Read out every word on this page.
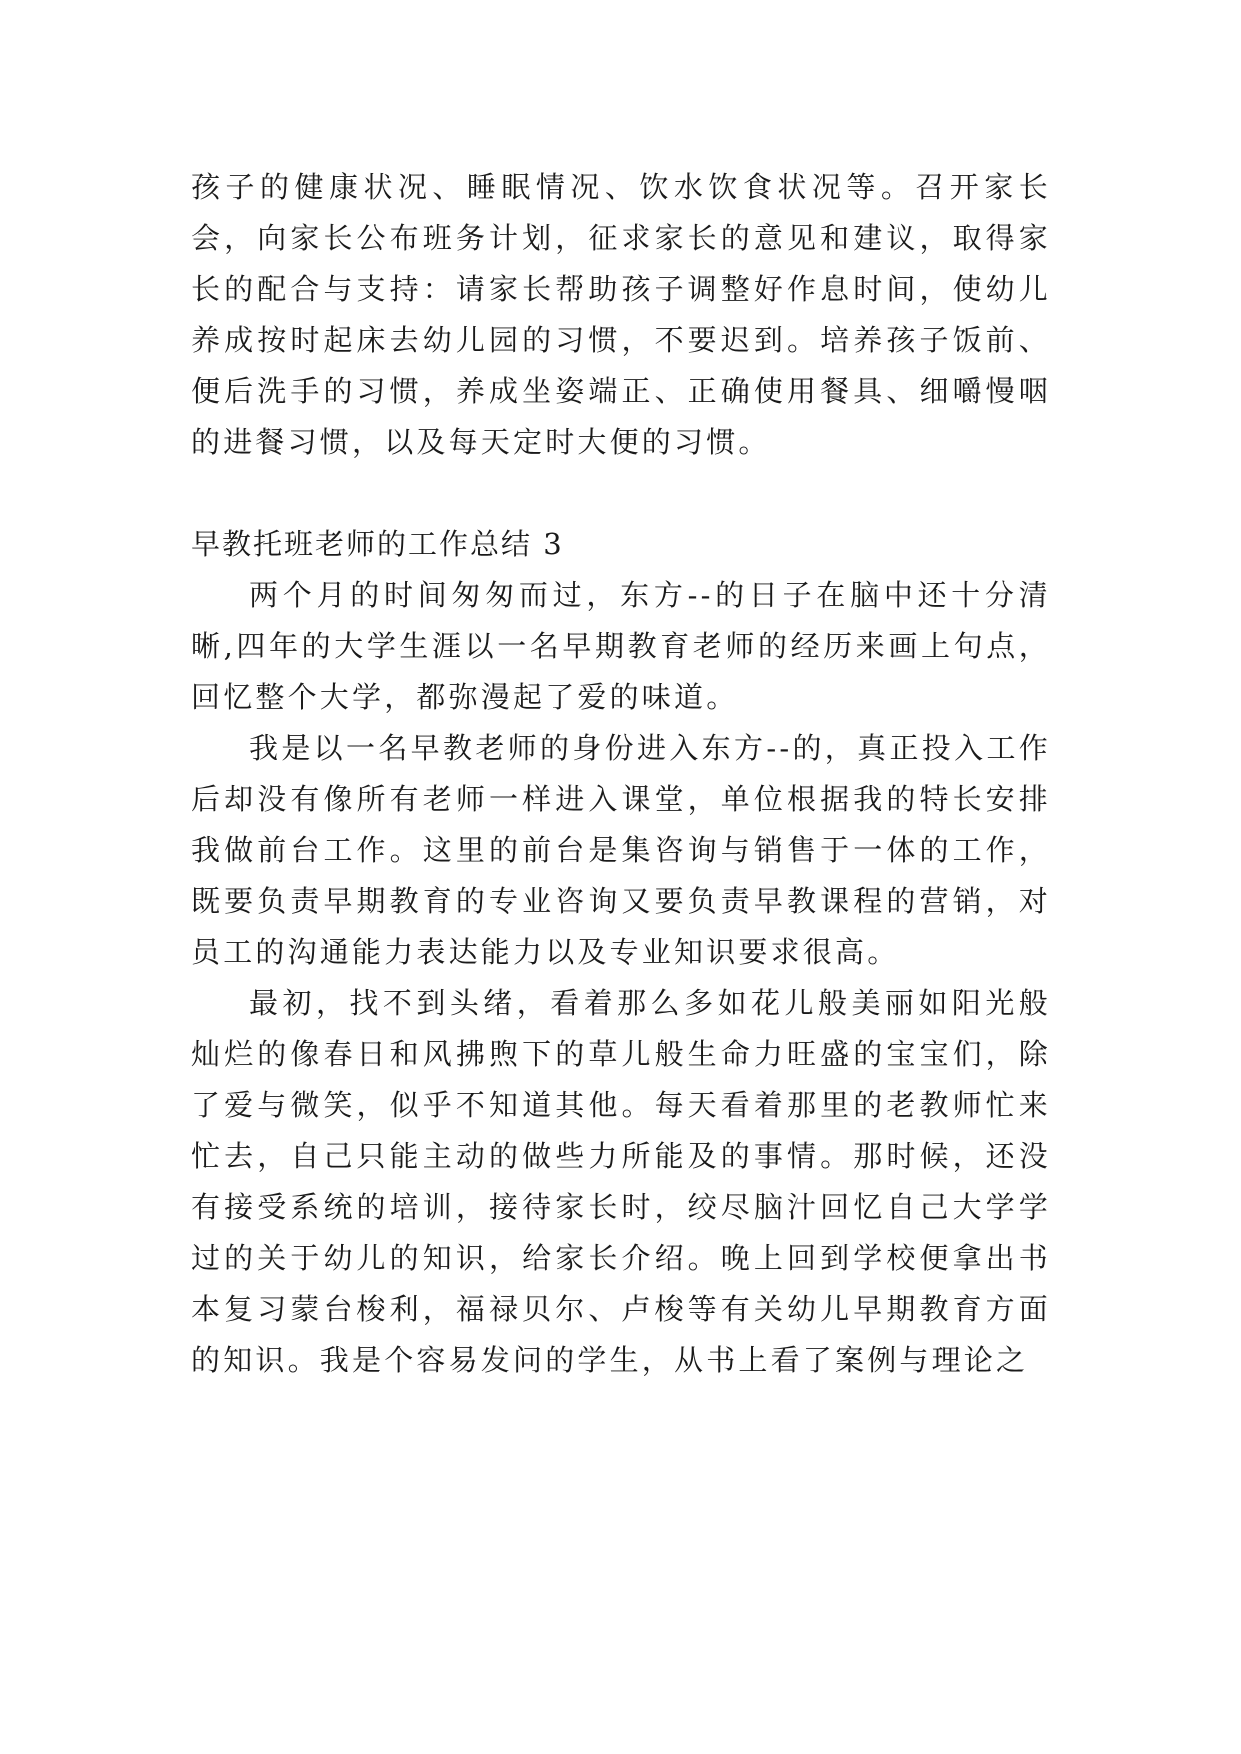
孩子的健康状况、睡眠情况、饮水饮食状况等。召开家长会，向家长公布班务计划，征求家长的意见和建议，取得家长的配合与支持：请家长帮助孩子调整好作息时间，使幼儿养成按时起床去幼儿园的习惯，不要迟到。培养孩子饭前、便后洗手的习惯，养成坐姿端正、正确使用餐具、细嚼慢咽的进餐习惯，以及每天定时大便的习惯。

早教托班老师的工作总结 3

两个月的时间匆匆而过，东方--的日子在脑中还十分清晰,四年的大学生涯以一名早期教育老师的经历来画上句点，回忆整个大学，都弥漫起了爱的味道。

我是以一名早教老师的身份进入东方--的，真正投入工作后却没有像所有老师一样进入课堂，单位根据我的特长安排我做前台工作。这里的前台是集咨询与销售于一体的工作，既要负责早期教育的专业咨询又要负责早教课程的营销，对员工的沟通能力表达能力以及专业知识要求很高。

最初，找不到头绪，看着那么多如花儿般美丽如阳光般灿烂的像春日和风拂煦下的草儿般生命力旺盛的宝宝们，除了爱与微笑，似乎不知道其他。每天看着那里的老教师忙来忙去，自己只能主动的做些力所能及的事情。那时候，还没有接受系统的培训，接待家长时，绞尽脑汁回忆自己大学学过的关于幼儿的知识，给家长介绍。晚上回到学校便拿出书本复习蒙台梭利，福禄贝尔、卢梭等有关幼儿早期教育方面的知识。我是个容易发问的学生，从书上看了案例与理论之
